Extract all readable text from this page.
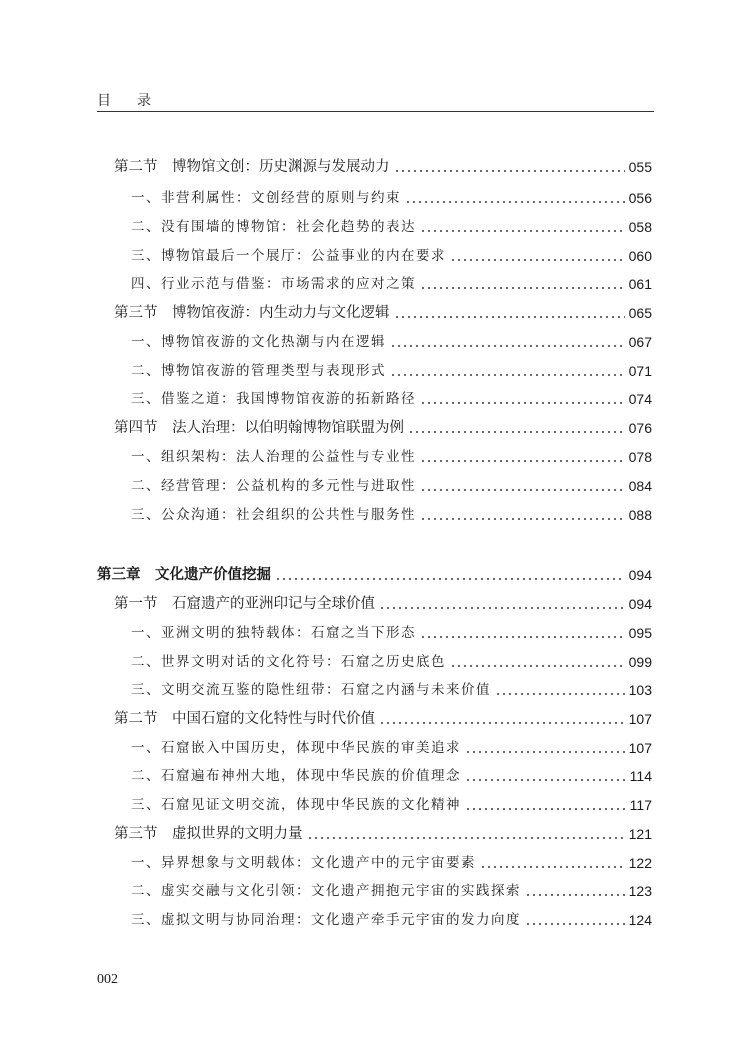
目录
第二节　博物馆文创：历史渊源与发展动力	055
一、非营利属性：文创经营的原则与约束	056
二、没有围墙的博物馆：社会化趋势的表达	058
三、博物馆最后一个展厅：公益事业的内在要求	060
四、行业示范与借鉴：市场需求的应对之策	061
第三节　博物馆夜游：内生动力与文化逻辑	065
一、博物馆夜游的文化热潮与内在逻辑	067
二、博物馆夜游的管理类型与表现形式	071
三、借鉴之道：我国博物馆夜游的拓新路径	074
第四节　法人治理：以伯明翰博物馆联盟为例	076
一、组织架构：法人治理的公益性与专业性	078
二、经营管理：公益机构的多元性与进取性	084
三、公众沟通：社会组织的公共性与服务性	088
第三章　文化遗产价值挖掘	094
第一节　石窟遗产的亚洲印记与全球价值	094
一、亚洲文明的独特载体：石窟之当下形态	095
二、世界文明对话的文化符号：石窟之历史底色	099
三、文明交流互鉴的隐性纽带：石窟之内涵与未来价值	103
第二节　中国石窟的文化特性与时代价值	107
一、石窟嵌入中国历史，体现中华民族的审美追求	107
二、石窟遍布神州大地，体现中华民族的价值理念	114
三、石窟见证文明交流，体现中华民族的文化精神	117
第三节　虚拟世界的文明力量	121
一、异界想象与文明载体：文化遗产中的元宇宙要素	122
二、虚实交融与文化引领：文化遗产拥抱元宇宙的实践探索	123
三、虚拟文明与协同治理：文化遗产牵手元宇宙的发力向度	124
002
